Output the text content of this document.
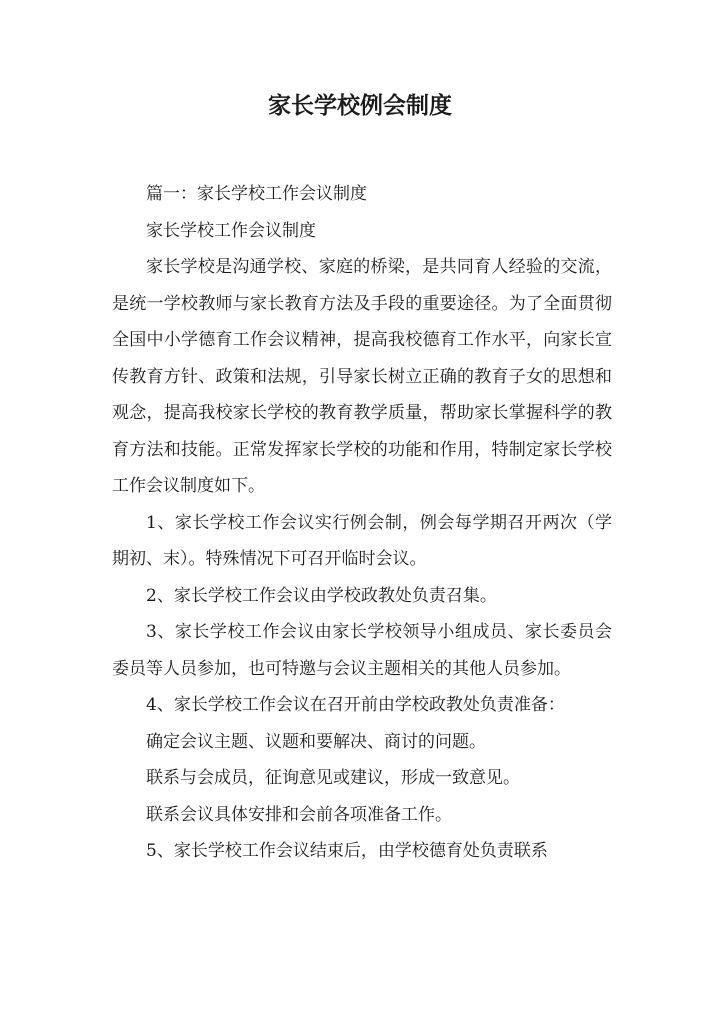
家长学校例会制度

篇一：家长学校工作会议制度

家长学校工作会议制度

家长学校是沟通学校、家庭的桥梁，是共同育人经验的交流，是统一学校教师与家长教育方法及手段的重要途径。为了全面贯彻全国中小学德育工作会议精神，提高我校德育工作水平，向家长宣传教育方针、政策和法规，引导家长树立正确的教育子女的思想和观念，提高我校家长学校的教育教学质量，帮助家长掌握科学的教育方法和技能。正常发挥家长学校的功能和作用，特制定家长学校工作会议制度如下。

1、家长学校工作会议实行例会制，例会每学期召开两次（学期初、末）。特殊情况下可召开临时会议。

2、家长学校工作会议由学校政教处负责召集。

3、家长学校工作会议由家长学校领导小组成员、家长委员会委员等人员参加，也可特邀与会议主题相关的其他人员参加。

4、家长学校工作会议在召开前由学校政教处负责准备：

确定会议主题、议题和要解决、商讨的问题。

联系与会成员，征询意见或建议，形成一致意见。

联系会议具体安排和会前各项准备工作。

5、家长学校工作会议结束后，由学校德育处负责联系
